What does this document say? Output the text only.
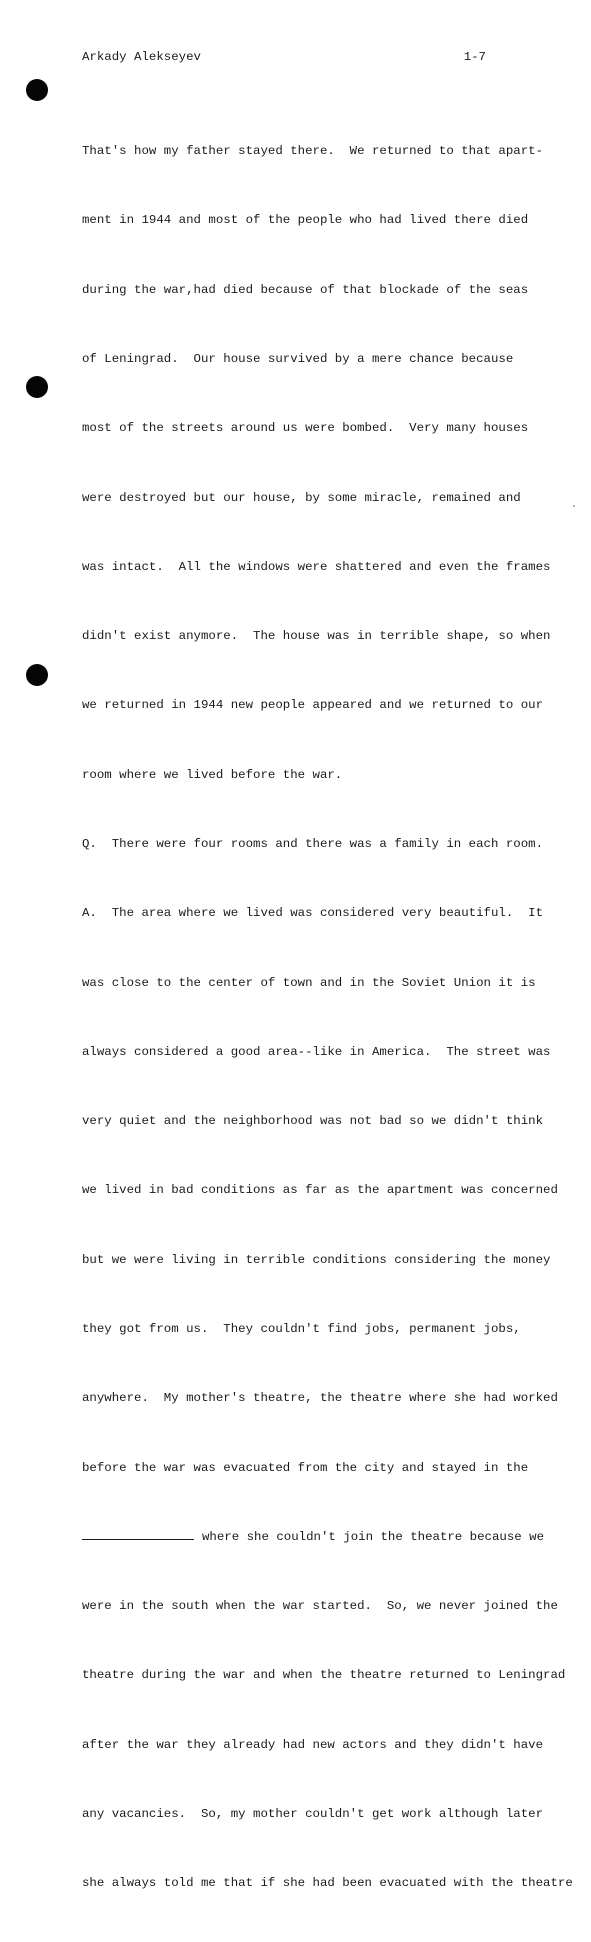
Arkady Alekseyev	1-7

That's how my father stayed there.  We returned to that apart-

ment in 1944 and most of the people who had lived there died

during the war,had died because of that blockade of the seas

of Leningrad.  Our house survived by a mere chance because

most of the streets around us were bombed.  Very many houses

were destroyed but our house, by some miracle, remained and

was intact.  All the windows were shattered and even the frames

didn't exist anymore.  The house was in terrible shape, so when

we returned in 1944 new people appeared and we returned to our

room where we lived before the war.

Q.  There were four rooms and there was a family in each room.

A.  The area where we lived was considered very beautiful.  It

was close to the center of town and in the Soviet Union it is

always considered a good area--like in America.  The street was

very quiet and the neighborhood was not bad so we didn't think

we lived in bad conditions as far as the apartment was concerned

but we were living in terrible conditions considering the money

they got from us.  They couldn't find jobs, permanent jobs,

anywhere.  My mother's theatre, the theatre where she had worked

before the war was evacuated from the city and stayed in the

where she couldn't join the theatre because we

were in the south when the war started.  So, we never joined the

theatre during the war and when the theatre returned to Leningrad

after the war they already had new actors and they didn't have

any vacancies.  So, my mother couldn't get work although later

she always told me that if she had been evacuated with the theatre
